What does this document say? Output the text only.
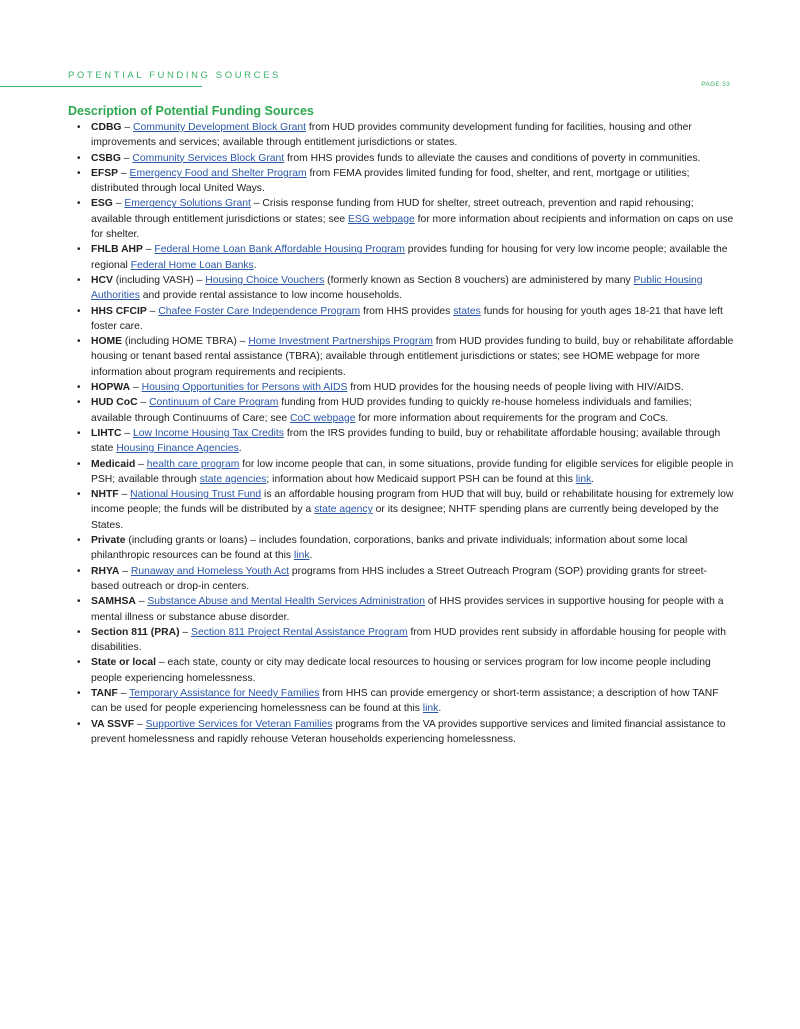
POTENTIAL FUNDING SOURCES
PAGE 33
Description of Potential Funding Sources
• CDBG – Community Development Block Grant from HUD provides community development funding for facilities, housing and other improvements and services; available through entitlement jurisdictions or states.
• CSBG – Community Services Block Grant from HHS provides funds to alleviate the causes and conditions of poverty in communities.
• EFSP – Emergency Food and Shelter Program from FEMA provides limited funding for food, shelter, and rent, mortgage or utilities; distributed through local United Ways.
• ESG – Emergency Solutions Grant – Crisis response funding from HUD for shelter, street outreach, prevention and rapid rehousing; available through entitlement jurisdictions or states; see ESG webpage for more information about recipients and information on caps on use for shelter.
• FHLB AHP – Federal Home Loan Bank Affordable Housing Program provides funding for housing for very low income people; available the regional Federal Home Loan Banks.
• HCV (including VASH) – Housing Choice Vouchers (formerly known as Section 8 vouchers) are administered by many Public Housing Authorities and provide rental assistance to low income households.
• HHS CFCIP – Chafee Foster Care Independence Program from HHS provides states funds for housing for youth ages 18-21 that have left foster care.
• HOME (including HOME TBRA) – Home Investment Partnerships Program from HUD provides funding to build, buy or rehabilitate affordable housing or tenant based rental assistance (TBRA); available through entitlement jurisdictions or states; see HOME webpage for more information about program requirements and recipients.
• HOPWA – Housing Opportunities for Persons with AIDS from HUD provides for the housing needs of people living with HIV/AIDS.
• HUD CoC – Continuum of Care Program funding from HUD provides funding to quickly re-house homeless individuals and families; available through Continuums of Care; see CoC webpage for more information about requirements for the program and CoCs.
• LIHTC – Low Income Housing Tax Credits from the IRS provides funding to build, buy or rehabilitate affordable housing; available through state Housing Finance Agencies.
• Medicaid – health care program for low income people that can, in some situations, provide funding for eligible services for eligible people in PSH; available through state agencies; information about how Medicaid support PSH can be found at this link.
• NHTF – National Housing Trust Fund is an affordable housing program from HUD that will buy, build or rehabilitate housing for extremely low income people; the funds will be distributed by a state agency or its designee; NHTF spending plans are currently being developed by the States.
• Private (including grants or loans) – includes foundation, corporations, banks and private individuals; information about some local philanthropic resources can be found at this link.
• RHYA – Runaway and Homeless Youth Act programs from HHS includes a Street Outreach Program (SOP) providing grants for street-based outreach or drop-in centers.
• SAMHSA – Substance Abuse and Mental Health Services Administration of HHS provides services in supportive housing for people with a mental illness or substance abuse disorder.
• Section 811 (PRA) – Section 811 Project Rental Assistance Program from HUD provides rent subsidy in affordable housing for people with disabilities.
• State or local – each state, county or city may dedicate local resources to housing or services program for low income people including people experiencing homelessness.
• TANF – Temporary Assistance for Needy Families from HHS can provide emergency or short-term assistance; a description of how TANF can be used for people experiencing homelessness can be found at this link.
• VA SSVF – Supportive Services for Veteran Families programs from the VA provides supportive services and limited financial assistance to prevent homelessness and rapidly rehouse Veteran households experiencing homelessness.
